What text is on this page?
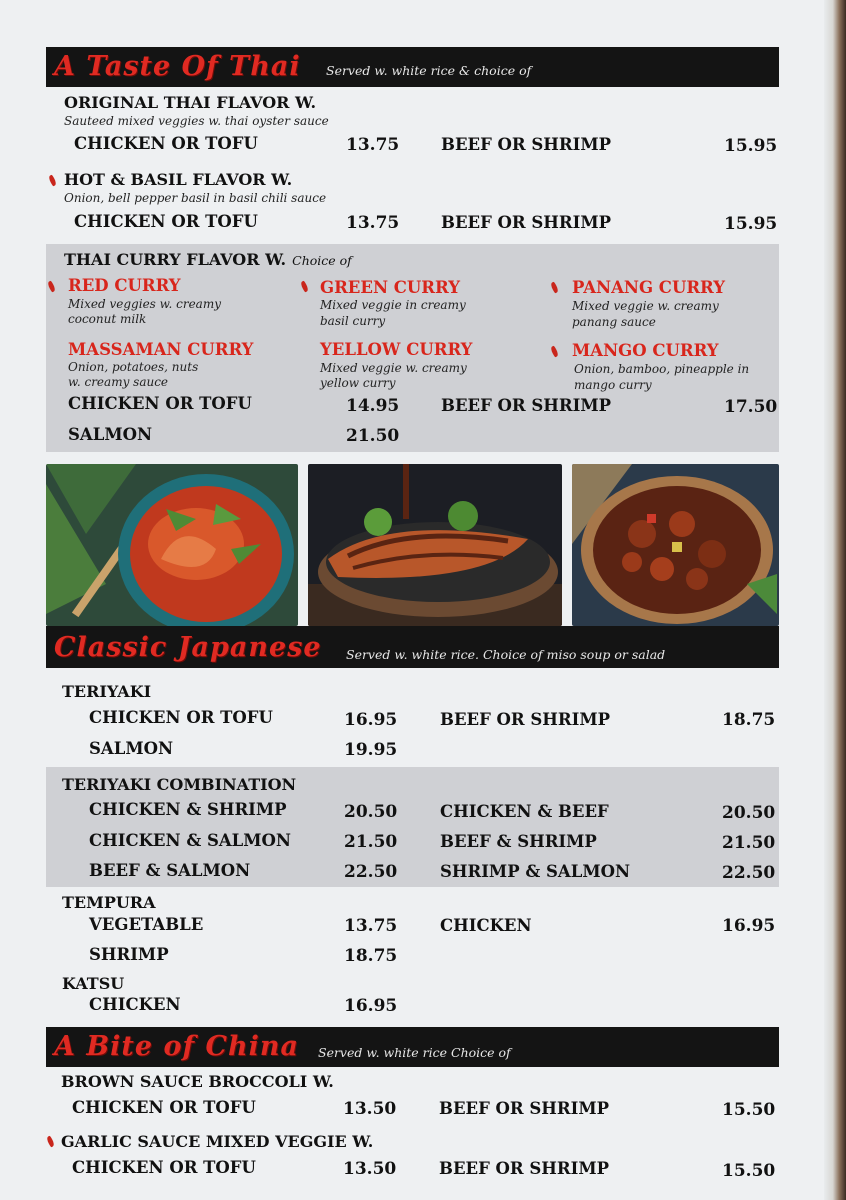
A Taste Of Thai Served w. white rice & choice of
ORIGINAL THAI FLAVOR W.
Sauteed mixed veggies w. thai oyster sauce
CHICKEN OR TOFU	13.75	BEEF OR SHRIMP	15.95
HOT & BASIL FLAVOR W.
Onion, bell pepper basil in basil chili sauce
CHICKEN OR TOFU	13.75	BEEF OR SHRIMP	15.95
THAI CURRY FLAVOR W. Choice of
RED CURRY
Mixed veggies w. creamy
coconut milk
GREEN CURRY
Mixed veggie in creamy
basil curry
PANANG CURRY
Mixed veggie w. creamy
panang sauce
MASSAMAN CURRY
Onion, potatoes, nuts
w. creamy sauce
YELLOW CURRY
Mixed veggie w. creamy
yellow curry
MANGO CURRY
Onion, bamboo, pineapple in
mango curry
CHICKEN OR TOFU	14.95	BEEF OR SHRIMP	17.50
SALMON	21.50
Classic Japanese Served w. white rice. Choice of miso soup or salad
TERIYAKI
CHICKEN OR TOFU	16.95	BEEF OR SHRIMP	18.75
SALMON	19.95
TERIYAKI COMBINATION
CHICKEN & SHRIMP	20.50	CHICKEN & BEEF	20.50
CHICKEN & SALMON	21.50	BEEF & SHRIMP	21.50
BEEF & SALMON	22.50	SHRIMP & SALMON	22.50
TEMPURA
VEGETABLE	13.75	CHICKEN	16.95
SHRIMP	18.75
KATSU
CHICKEN	16.95
A Bite of China Served w. white rice Choice of
BROWN SAUCE BROCCOLI W.
CHICKEN OR TOFU	13.50	BEEF OR SHRIMP	15.50
GARLIC SAUCE MIXED VEGGIE W.
CHICKEN OR TOFU	13.50	BEEF OR SHRIMP	15.50
